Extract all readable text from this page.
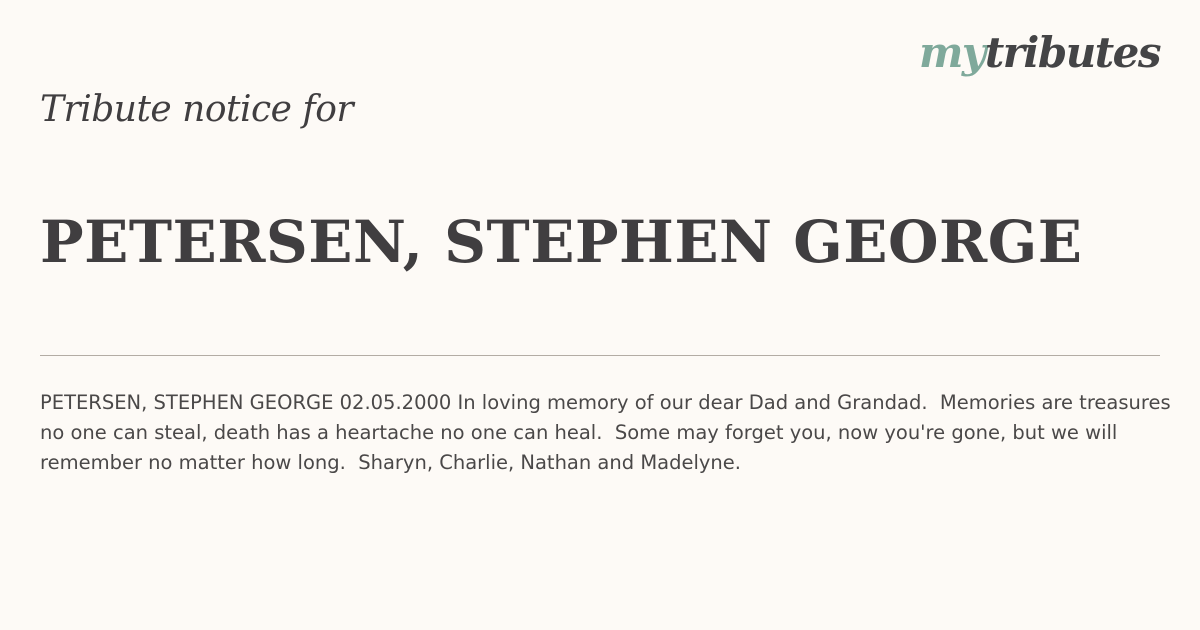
mytributes
Tribute notice for
PETERSEN, STEPHEN GEORGE

PETERSEN, STEPHEN GEORGE 02.05.2000 In loving memory of our dear Dad and Grandad.  Memories are treasures no one can steal, death has a heartache no one can heal.  Some may forget you, now you're gone, but we will remember no matter how long.  Sharyn, Charlie, Nathan and Madelyne.
